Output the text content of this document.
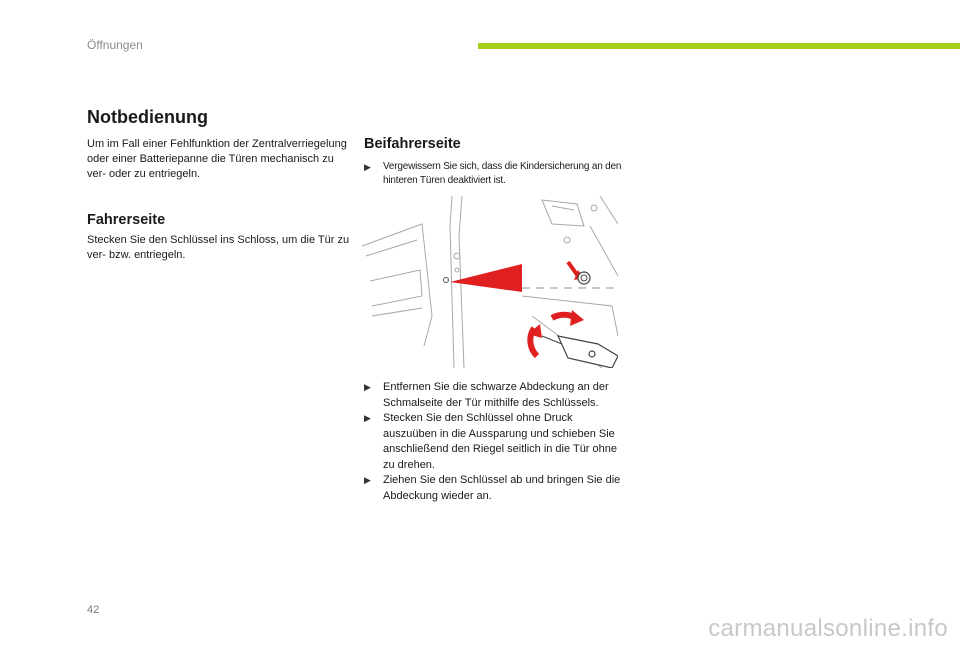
Öffnungen
Notbedienung

Um im Fall einer Fehlfunktion der Zentralverriegelung oder einer Batteriepanne die Türen mechanisch zu ver- oder zu entriegeln.

Fahrerseite

Stecken Sie den Schlüssel ins Schloss, um die Tür zu ver- bzw. entriegeln.

Beifahrerseite
▶ Vergewissern Sie sich, dass die Kindersicherung an den hinteren Türen deaktiviert ist.
▶ Entfernen Sie die schwarze Abdeckung an der Schmalseite der Tür mithilfe des Schlüssels.
▶ Stecken Sie den Schlüssel ohne Druck auszuüben in die Aussparung und schieben Sie anschließend den Riegel seitlich in die Tür ohne zu drehen.
▶ Ziehen Sie den Schlüssel ab und bringen Sie die Abdeckung wieder an.
42
carmanualsonline.info
